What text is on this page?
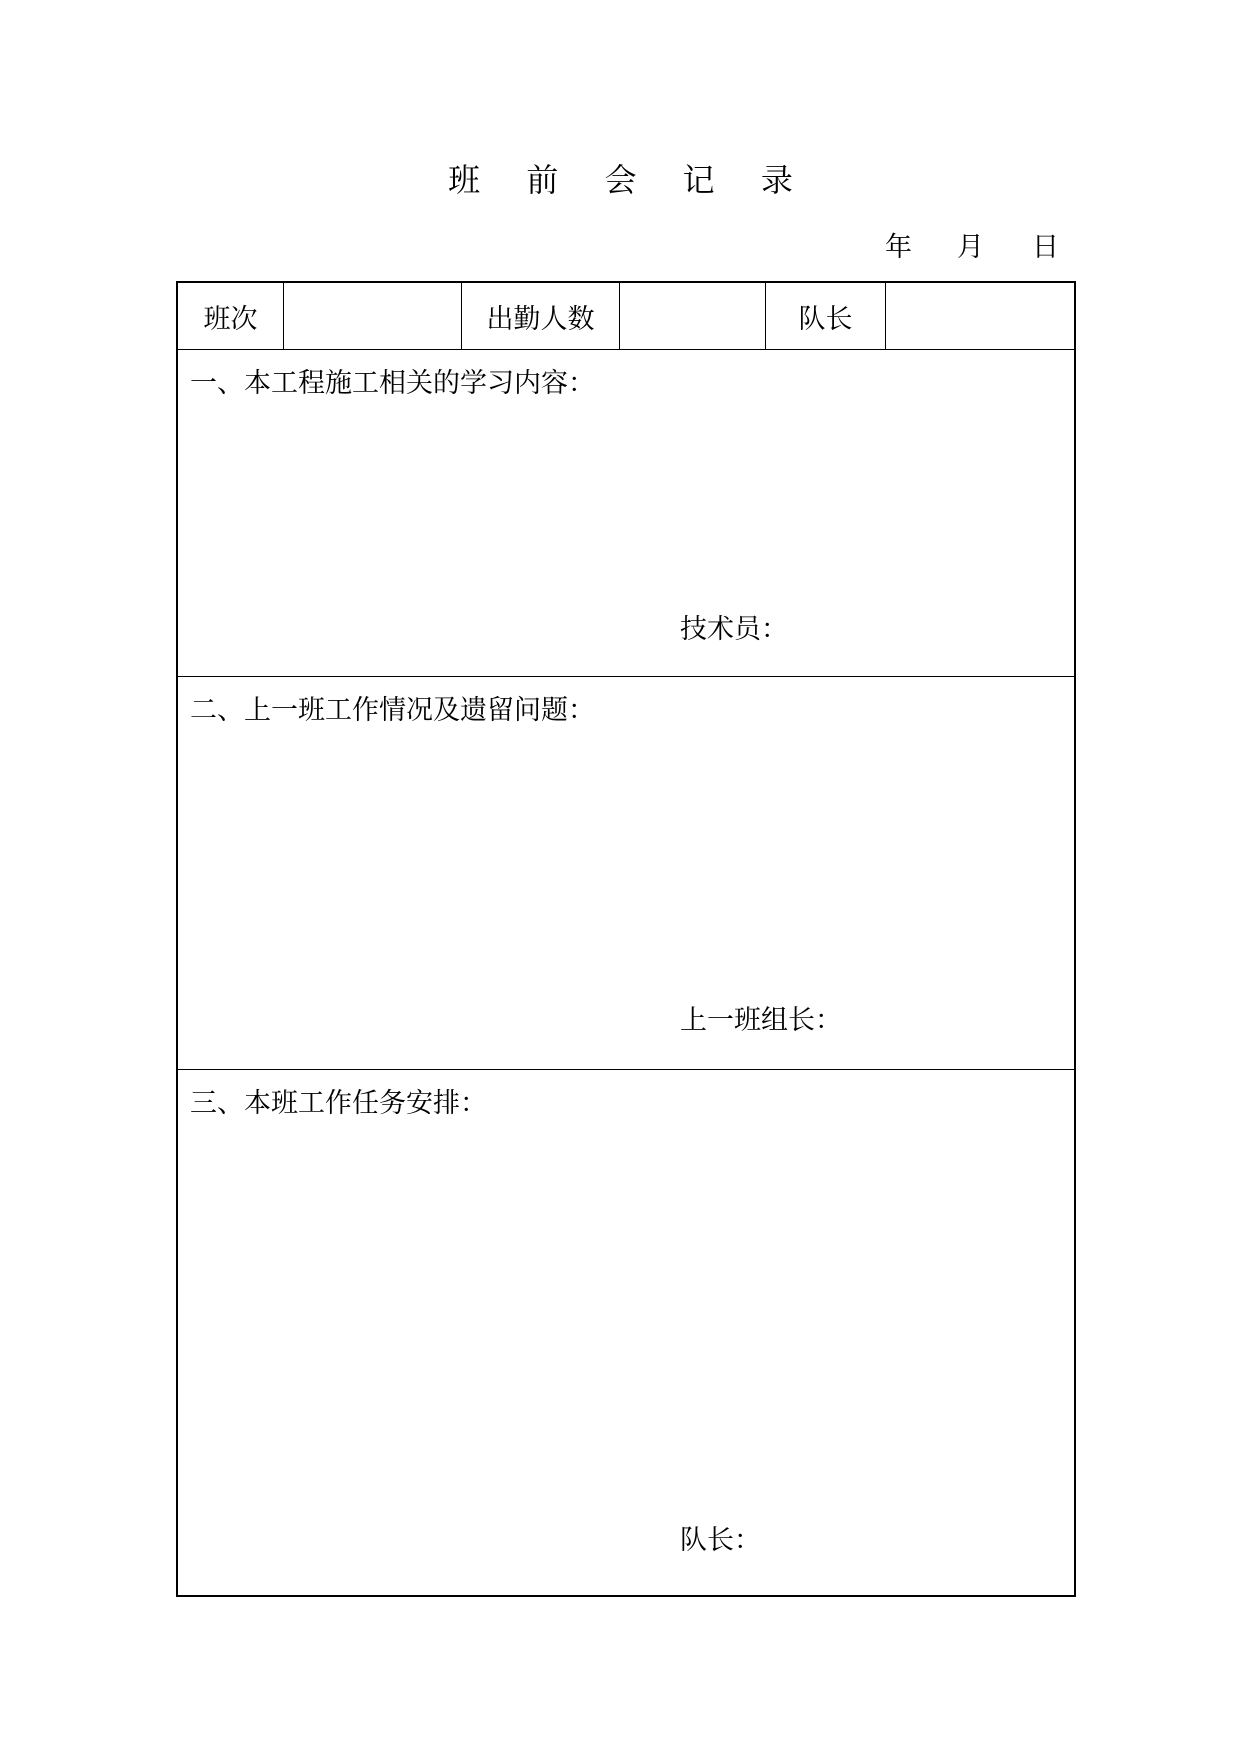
班 前 会 记 录
年 月 日
班次	出勤人数	队长
一、本工程施工相关的学习内容：
技术员：
二、上一班工作情况及遗留问题：
上一班组长：
三、本班工作任务安排：
队长：
